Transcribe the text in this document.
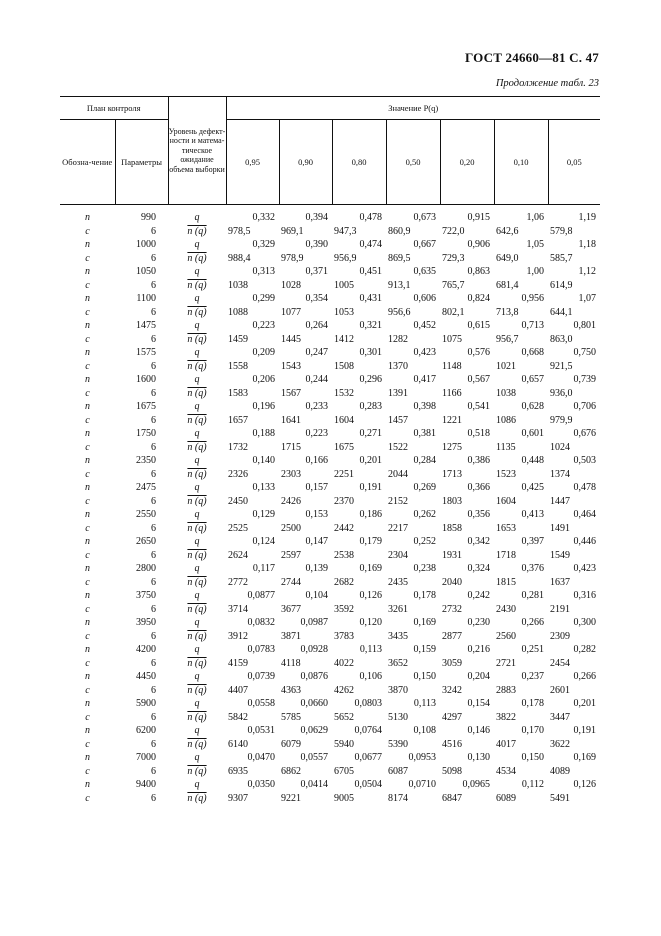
ГОСТ 24660—81 С. 47
Продолжение табл. 23
План контроля		Уровень дефект-ности и матема-тическое ожидание объема выборки	Значение P(q)						
Обозна-чение	Параметры		0,95	0,90	0,80	0,50	0,20	0,10	0,05
n	990	q	0,332	0,394	0,478	0,673	0,915	1,06	1,19
c	6	n (q)	978,5	969,1	947,3	860,9	722,0	642,6	579,8
n	1000	q	0,329	0,390	0,474	0,667	0,906	1,05	1,18
c	6	n (q)	988,4	978,9	956,9	869,5	729,3	649,0	585,7
n	1050	q	0,313	0,371	0,451	0,635	0,863	1,00	1,12
c	6	n (q)	1038	1028	1005	913,1	765,7	681,4	614,9
n	1100	q	0,299	0,354	0,431	0,606	0,824	0,956	1,07
c	6	n (q)	1088	1077	1053	956,6	802,1	713,8	644,1
n	1475	q	0,223	0,264	0,321	0,452	0,615	0,713	0,801
c	6	n (q)	1459	1445	1412	1282	1075	956,7	863,0
n	1575	q	0,209	0,247	0,301	0,423	0,576	0,668	0,750
c	6	n (q)	1558	1543	1508	1370	1148	1021	921,5
n	1600	q	0,206	0,244	0,296	0,417	0,567	0,657	0,739
c	6	n (q)	1583	1567	1532	1391	1166	1038	936,0
n	1675	q	0,196	0,233	0,283	0,398	0,541	0,628	0,706
c	6	n (q)	1657	1641	1604	1457	1221	1086	979,9
n	1750	q	0,188	0,223	0,271	0,381	0,518	0,601	0,676
c	6	n (q)	1732	1715	1675	1522	1275	1135	1024
n	2350	q	0,140	0,166	0,201	0,284	0,386	0,448	0,503
c	6	n (q)	2326	2303	2251	2044	1713	1523	1374
n	2475	q	0,133	0,157	0,191	0,269	0,366	0,425	0,478
c	6	n (q)	2450	2426	2370	2152	1803	1604	1447
n	2550	q	0,129	0,153	0,186	0,262	0,356	0,413	0,464
c	6	n (q)	2525	2500	2442	2217	1858	1653	1491
n	2650	q	0,124	0,147	0,179	0,252	0,342	0,397	0,446
c	6	n (q)	2624	2597	2538	2304	1931	1718	1549
n	2800	q	0,117	0,139	0,169	0,238	0,324	0,376	0,423
c	6	n (q)	2772	2744	2682	2435	2040	1815	1637
n	3750	q	0,0877	0,104	0,126	0,178	0,242	0,281	0,316
c	6	n (q)	3714	3677	3592	3261	2732	2430	2191
n	3950	q	0,0832	0,0987	0,120	0,169	0,230	0,266	0,300
c	6	n (q)	3912	3871	3783	3435	2877	2560	2309
n	4200	q	0,0783	0,0928	0,113	0,159	0,216	0,251	0,282
c	6	n (q)	4159	4118	4022	3652	3059	2721	2454
n	4450	q	0,0739	0,0876	0,106	0,150	0,204	0,237	0,266
c	6	n (q)	4407	4363	4262	3870	3242	2883	2601
n	5900	q	0,0558	0,0660	0,0803	0,113	0,154	0,178	0,201
c	6	n (q)	5842	5785	5652	5130	4297	3822	3447
n	6200	q	0,0531	0,0629	0,0764	0,108	0,146	0,170	0,191
c	6	n (q)	6140	6079	5940	5390	4516	4017	3622
n	7000	q	0,0470	0,0557	0,0677	0,0953	0,130	0,150	0,169
c	6	n (q)	6935	6862	6705	6087	5098	4534	4089
n	9400	q	0,0350	0,0414	0,0504	0,0710	0,0965	0,112	0,126
c	6	n (q)	9307	9221	9005	8174	6847	6089	5491
